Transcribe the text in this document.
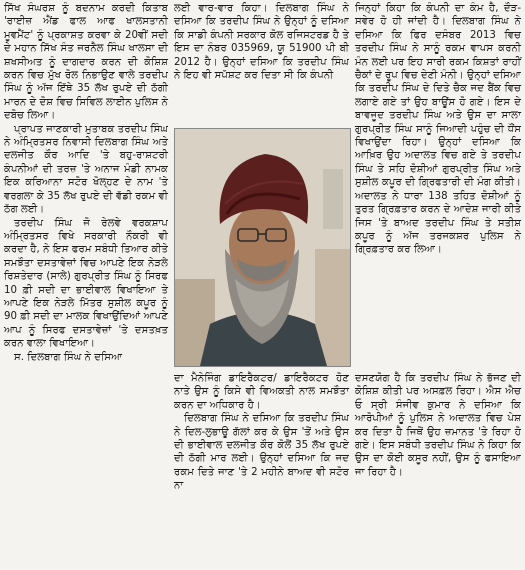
ਸਿੱਖ ਸੰਘਰਸ਼ ਨੂੰ ਬਦਨਾਮ ਕਰਦੀ ਕਿਤਾਬ 'ਰਾਈਜ਼ ਐਂਡ ਫਾਲ ਆਫ ਖਾਲਸਤਾਨੀ ਮੂਵਮੈਂਟ' ਨੂੰ ਪ੍ਰਕਾਸ਼ਤ ਕਰਵਾ ਕੇ 20ਵੀਂ ਸਦੀ ਦੇ ਮਹਾਨ ਸਿੱਖ ਸੰਤ ਜਰਨੈਲ ਸਿੰਘ ਖਾਲਸਾ ਦੀ ਸ਼ਖਸੀਅਤ ਨੂੰ ਦਾਗਦਾਰ ਕਰਨ ਦੀ ਕੋਸ਼ਿਸ਼ ਕਰਨ ਵਿਚ ਮੁੱਖ ਰੋਲ ਨਿਭਾਉਣ ਵਾਲੇ ਤਰਦੀਪ ਸਿੰਘ ਨੂੰ ਅੱਜ ਇੱਥੇ 35 ਲੱਖ ਰੁਪਏ ਦੀ ਠੱਗੀ ਮਾਰਨ ਦੇ ਦੋਸ਼ ਵਿਚ ਸਿਵਿਲ ਲਾਈਨ ਪੁਲਿਸ ਨੇ ਦਬੋਚ ਲਿਆ।

ਪ੍ਰਾਪਤ ਜਾਣਕਾਰੀ ਮੁਤਾਬਕ ਤਰਦੀਪ ਸਿੰਘ ਨੇ ਅੰਮ੍ਰਿਤਸਰ ਨਿਵਾਸੀ ਦਿਲਬਾਗ ਸਿੰਘ ਅਤੇ ਦਲਜੀਤ ਕੌਰ ਆਦਿ 'ਤੇ ਬਹੁ-ਰਾਸ਼ਟਰੀ ਕੰਪਨੀਆਂ ਦੀ ਤਰਜ਼ 'ਤੇ ਅਨਾਜ ਮੰਡੀ ਨਾਮਕ ਇਕ ਕਰਿਆਨਾ ਸਟੋਰ ਖੋਲ੍ਹਣ ਦੇ ਨਾਮ 'ਤੇ ਵਰਗਲਾ ਕੇ 35 ਲੱਖ ਰੁਪਏ ਦੀ ਵੱਡੀ ਰਕਮ ਵੀ ਠੱਗ ਲਈ।

ਤਰਦੀਪ ਸਿੰਘ ਜੋ ਰੇਲਵੇ ਵਰਕਸ਼ਾਪ ਅੰਮ੍ਰਿਤਸਰ ਵਿਖੇ ਸਰਕਾਰੀ ਨੌਕਰੀ ਵੀ ਕਰਦਾ ਹੈ, ਨੇ ਇਸ ਫਰਮ ਸਬੰਧੀ ਤਿਆਰ ਕੀਤੇ ਸਮਝੌਤਾ ਦਸਤਾਵੇਜ਼ਾਂ ਵਿਚ ਆਪਣੇ ਇਕ ਨੇੜਲੇ ਰਿਸ਼ਤੇਦਾਰ (ਸਾਲੇ) ਗੁਰਪ੍ਰੀਤ ਸਿੰਘ ਨੂੰ ਸਿਰਫ 10 ਫ਼ੀ ਸਦੀ ਦਾ ਭਾਈਵਾਲ ਵਿਖਾਇਆ ਤੇ ਆਪਣੇ ਇਕ ਨੇੜਲੇ ਮਿੱਤਰ ਸੁਸ਼ੀਲ ਕਪੂਰ ਨੂੰ 90 ਫ਼ੀ ਸਦੀ ਦਾ ਮਾਲਕ ਵਿਖਾਉਂਦਿਆਂ ਆਪਣੇ ਆਪ ਨੂੰ ਸਿਰਫ ਦਸਤਾਵੇਜ਼ਾਂ 'ਤੇ ਦਸਤਖ਼ਤ ਕਰਨ ਵਾਲਾ ਵਿਖਾਇਆ।

ਸ. ਦਿਲਬਾਗ ਸਿੰਘ ਨੇ ਦਸਿਆ

ਲਈ ਵਾਰ-ਵਾਰ ਕਿਹਾ। ਦਿਲਬਾਗ ਸਿੰਘ ਨੇ ਦਸਿਆ ਕਿ ਤਰਦੀਪ ਸਿੰਘ ਨੇ ਉਨ੍ਹਾਂ ਨੂੰ ਦਸਿਆ ਕਿ ਸਾਡੀ ਕੰਪਨੀ ਸਰਕਾਰ ਕੋਲ ਰਜਿਸਟਰਡ ਹੈ ਤੇ ਇਸ ਦਾ ਨੰਬਰ 035969, ਯੂ 51900 ਪੀ ਬੀ 2012 ਹੈ। ਉਨ੍ਹਾਂ ਦਸਿਆ ਕਿ ਤਰਦੀਪ ਸਿੰਘ ਨੇ ਇਹ ਵੀ ਸਪੱਸ਼ਟ ਕਰ ਦਿਤਾ ਸੀ ਕਿ ਕੰਪਨੀ

ਜਿਨ੍ਹਾਂ ਕਿਹਾ ਕਿ ਕੰਪਨੀ ਦਾ ਕੰਮ ਹੈ, ਦੌੜ-ਸਵੇਰ ਹੋ ਹੀ ਜਾਂਦੀ ਹੈ। ਦਿਲਬਾਗ ਸਿੰਘ ਨੇ ਦਸਿਆ ਕਿ ਫਿਰ ਦਸੰਬਰ 2013 ਵਿਚ ਤਰਦੀਪ ਸਿੰਘ ਨੇ ਸਾਨੂੰ ਰਕਮ ਵਾਪਸ ਕਰਨੀ ਮੰਨ ਲਈ ਪਰ ਇਹ ਸਾਰੀ ਰਕਮ ਕਿਸ਼ਤਾਂ ਰਾਹੀਂ ਚੈਕਾਂ ਦੇ ਰੂਪ ਵਿਚ ਦੇਣੀ ਮੰਨੀ। ਉਨ੍ਹਾਂ ਦਸਿਆ ਕਿ ਤਰਦੀਪ ਸਿੰਘ ਦੇ ਦਿਤੇ ਚੈਕ ਜਦ ਬੈਂਕ ਵਿਚ ਲਗਾਏ ਗਏ ਤਾਂ ਉਹ ਬਾਊਂਸ ਹੋ ਗਏ। ਇਸ ਦੇ ਬਾਵਜੂਦ ਤਰਦੀਪ ਸਿੰਘ ਅਤੇ ਉਸ ਦਾ ਸਾਲਾ ਗੁਰਪ੍ਰੀਤ ਸਿੰਘ ਸਾਨੂੰ ਜਿਆਦੀ ਪਹੁੰਚ ਦੀ ਧੌਂਸ ਵਿਖਾਉਂਦਾ ਰਿਹਾ। ਉਨ੍ਹਾਂ ਦਸਿਆ ਕਿ ਆਖ਼ਿਰ ਉਹ ਅਦਾਲਤ ਵਿਚ ਗਏ ਤੇ ਤਰਦੀਪ ਸਿੰਘ ਤੇ ਸਹਿ ਦੋਸ਼ੀਆਂ ਗੁਰਪ੍ਰੀਤ ਸਿੰਘ ਅਤੇ ਸੁਸ਼ੀਲ ਕਪੂਰ ਦੀ ਗ੍ਰਿਫਤਾਰੀ ਦੀ ਮੰਗ ਕੀਤੀ। ਅਦਾਲਤ ਨੇ ਧਾਰਾ 138 ਤਹਿਤ ਦੋਸ਼ੀਆਂ ਨੂੰ ਤੁਰਤ ਗ੍ਰਿਫ਼ਤਾਰ ਕਰਨ ਦੇ ਆਦੇਸ਼ ਜਾਰੀ ਕੀਤੇ ਜਿਸ 'ਤੇ ਬਾਅਦ ਤਰਦੀਪ ਸਿੰਘ ਤੇ ਸਤੀਸ਼ ਕਪੂਰ ਨੂੰ ਅੱਜ ਤਰਜਕਸ਼ਰ ਪੁਲਿਸ ਨੇ ਗ੍ਰਿਫ਼ਤਾਰ ਕਰ ਲਿਆ।

ਦਾ ਮੈਨੇਜਿੰਗ ਡਾਇਰੈਕਟਰ/ ਡਾਇਰੈਕਟਰ ਹੋਣ ਨਾਤੇ ਉਸ ਨੂੰ ਕਿਸੇ ਵੀ ਵਿਅਕਤੀ ਨਾਲ ਸਮਝੌਤਾ ਕਰਨ ਦਾ ਅਧਿਕਾਰ ਹੈ।

ਦਿਲਬਾਗ ਸਿੰਘ ਨੇ ਦਸਿਆ ਕਿ ਤਰਦੀਪ ਸਿੰਘ ਨੇ ਦਿਲ-ਲੁਭਾਊ ਗੱਲਾਂ ਕਰ ਕੇ ਉਸ 'ਤੋਂ ਅਤੇ ਉਸ ਦੀ ਭਾਈਵਾਲ ਦਲਜੀਤ ਕੌਰ ਕੋਲੋਂ 35 ਲੱਖ ਰੁਪਏ ਦੀ ਠੱਗੀ ਮਾਰ ਲਈ। ਉਨ੍ਹਾਂ ਦਸਿਆ ਕਿ ਜਦ ਰਕਮ ਦਿਤੇ ਜਾਣ 'ਤੇ 2 ਮਹੀਨੇ ਬਾਅਦ ਵੀ ਸਟੋਰ ਨਾ

ਦਸਣਯੋਗ ਹੈ ਕਿ ਤਰਦੀਪ ਸਿੰਘ ਨੇ ਭੱਜਣ ਦੀ ਕੋਸ਼ਿਸ਼ ਕੀਤੀ ਪਰ ਅਸਫ਼ਲ ਰਿਹਾ। ਐਸ ਐਚ ਓ ਸ੍ਰੀ ਸੰਜੀਵ ਕੁਮਾਰ ਨੇ ਦਸਿਆ ਕਿ ਆਰੋਪੀਆਂ ਨੂੰ ਪੁਲਿਸ ਨੇ ਅਦਾਲਤ ਵਿਚ ਪੇਸ਼ ਕਰ ਦਿਤਾ ਹੈ ਜਿਥੋਂ ਉਹ ਜ਼ਮਾਨਤ 'ਤੇ ਰਿਹਾ ਹੋ ਗਏ। ਇਸ ਸਬੰਧੀ ਤਰਦੀਪ ਸਿੰਘ ਨੇ ਕਿਹਾ ਕਿ ਉਸ ਦਾ ਕੋਈ ਕਸੂਰ ਨਹੀਂ, ਉਸ ਨੂੰ ਫਸਾਇਆ ਜਾ ਰਿਹਾ ਹੈ।
